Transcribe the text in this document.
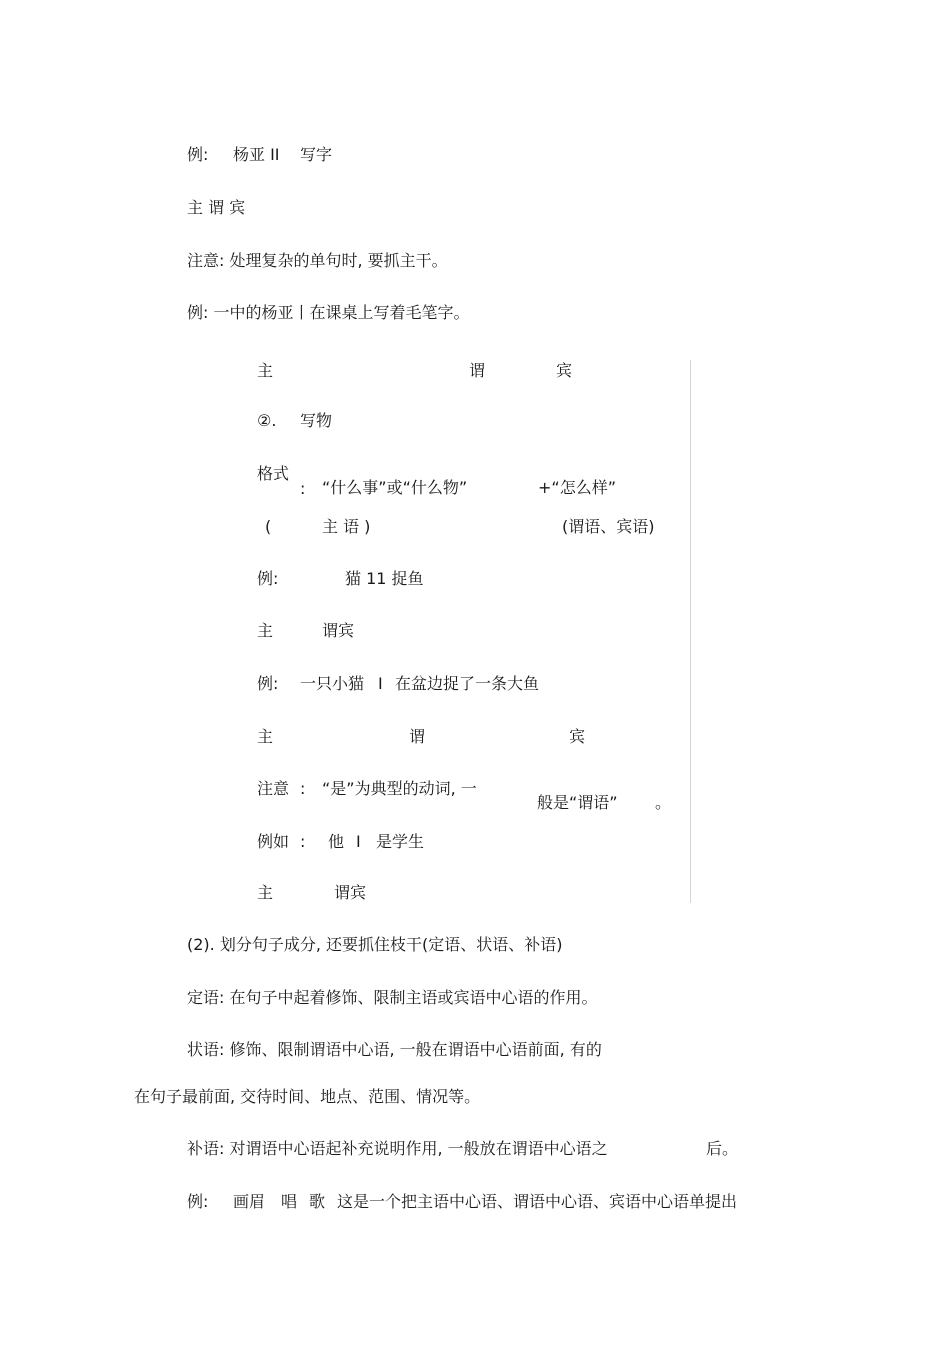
例: 杨亚 II 写字
主 谓 宾
注意: 处理复杂的单句时, 要抓主干。
例: 一中的杨亚丨在课桌上写着毛笔字。
主	谓	宾
②. 写物
格式
: “什么事”或“什么物”	+“怎么样”
(	主 语 )	(谓语、宾语)
例:	猫 11 捉鱼
主	谓宾
例: 一只小猫 I 在盆边捉了一条大鱼
主	谓	宾
注意 : “是”为典型的动词, 一
般是“谓语” 。
例如 : 他 I 是学生
主	谓宾
(2). 划分句子成分, 还要抓住枝干(定语、状语、补语)
定语: 在句子中起着修饰、限制主语或宾语中心语的作用。
状语: 修饰、限制谓语中心语, 一般在谓语中心语前面, 有的
在句子最前面, 交待时间、地点、范围、情况等。
补语: 对谓语中心语起补充说明作用, 一般放在谓语中心语之	后。
例: 画眉 唱 歌 这是一个把主语中心语、谓语中心语、宾语中心语单提出
